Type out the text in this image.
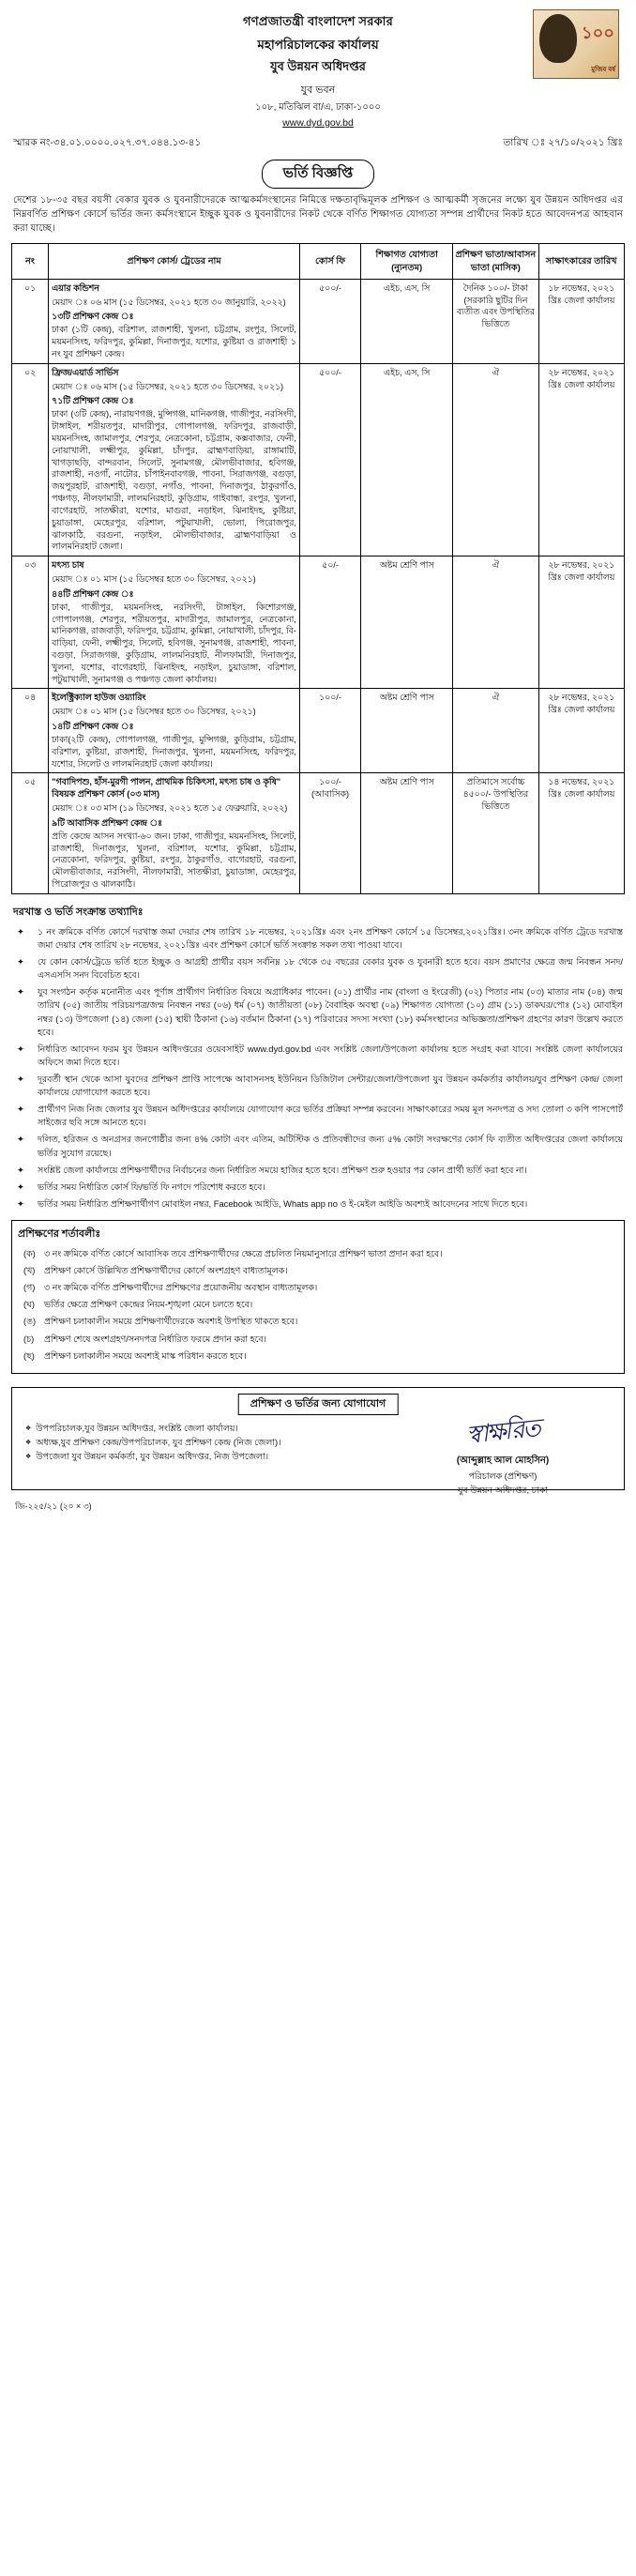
১০০
মুজিব বর্ষ
গণপ্রজাতন্ত্রী বাংলাদেশ সরকার
মহাপরিচালকের কার্যালয়
যুব উন্নয়ন অধিদপ্তর
যুব ভবন
১০৮, মতিঝিল বা/এ, ঢাকা-১০০০
www.dyd.gov.bd
স্মারক নং-৩৪.০১.০০০০.০২৭.৩৭.০৪৪.১৩-৪১	তারিখ ঃ ২৭/১০/২০২১ খ্রিঃ
ভর্তি বিজ্ঞপ্তি
দেশের ১৮-৩৫ বছর বয়সী বেকার যুবক ও যুবনারীদেরকে আত্মকর্মসংস্থানের নিমিত্তে দক্ষতাবৃদ্ধিমূলক প্রশিক্ষণ ও আত্মকর্মী সৃজনের লক্ষ্যে যুব উন্নয়ন অধিদপ্তর এর নিম্নবর্ণিত প্রশিক্ষণ কোর্সে ভর্তির জন্য কর্মসংস্থানে ইচ্ছুক যুবক ও যুবনারীদের নিকট থেকে বর্ণিত শিক্ষাগত যোগ্যতা সম্পন্ন প্রার্থীদের নিকট হতে আবেদনপত্র আহবান করা যাচ্ছে।
নং	প্রশিক্ষণ কোর্স/ ট্রেডের নাম	কোর্স ফি	শিক্ষাগত যোগ্যতা (ন্যুনতম)	প্রশিক্ষণ ভাতা/আবাসন ভাতা (মাসিক)	সাক্ষাৎকারের তারিখ
০১	এয়ার কন্ডিশন
মেয়াদ ঃ ০৬ মাস (১৫ ডিসেম্বর, ২০২১ হতে ৩০ জানুয়ারি, ২০২২)
১৩টি প্রশিক্ষণ কেন্দ্র ঃ
ঢাকা (১টি কেন্দ্র), বরিশাল, রাজশাহী, খুলনা, চট্টগ্রাম, রংপুর, সিলেট, ময়মনসিংহ, ফরিদপুর, কুমিল্লা, দিনাজপুর, যশোর, কুষ্টিয়া ও রাজশাহী ১ নং যুব প্রশিক্ষণ কেন্দ্র।	৫০০/-	এইচ, এস, সি	দৈনিক ১০০/- টাকা (সরকারি ছুটির দিন ব্যতীত এবং উপস্থিতির ভিত্তিতে	১৮ নভেম্বর, ২০২১ খ্রিঃ জেলা কার্যালয়
০২	ফ্রিজ/এয়ার্ড সার্ভিস
মেয়াদ ঃ ০৬ মাস (১৫ ডিসেম্বর, ২০২১ হতে ৩০ ডিসেম্বর, ২০২১)
৭১টি প্রশিক্ষণ কেন্দ্র ঃ
ঢাকা (৩টি কেন্দ্র), নারায়ণগঞ্জ, মুন্সিগঞ্জ, মানিকগঞ্জ, গাজীপুর, নরসিংদী, টাঙ্গাইল, শরীয়তপুর, মাদারীপুর, গোপালগঞ্জ, ফরিদপুর, রাজবাড়ী, ময়মনসিংহ, জামালপুর, শেরপুর, নেত্রকোনা, চট্টগ্রাম, কক্সবাজার, ফেনী, নোয়াখালী, লক্ষ্মীপুর, কুমিল্লা, চাঁদপুর, ব্রাহ্মণবাড়িয়া, রাঙ্গামাটি, খাগড়াছড়ি, বান্দরবান, সিলেট, সুনামগঞ্জ, মৌলভীবাজার, হবিগঞ্জ, রাজশাহী, নওগাঁ, নাটোর, চাঁপাইনবাবগঞ্জ, পাবনা, সিরাজগঞ্জ, বগুড়া, জয়পুরহাট, রাজশাহী, বগুড়া, নগাঁও, পাবনা, দিনাজপুর, ঠাকুরগাঁও, পঞ্চগড়, নীলফামারী, লালমনিরহাট, কুড়িগ্রাম, গাইবান্ধা, রংপুর, খুলনা, বাগেরহাট, সাতক্ষীরা, যশোর, মাগুরা, নড়াইল, ঝিনাইদহ, কুষ্টিয়া, চুয়াডাঙ্গা, মেহেরপুর, বরিশাল, পটুয়াখালী, ভোলা, পিরোজপুর, ঝালকাঠি, বরগুনা, নড়াইল, মৌলভীবাজার, ব্রাহ্মণবাড়িয়া ও লালমনিরহাট জেলা।	৫০০/-	এইচ, এস, সি	ঐ	২৮ নভেম্বর, ২০২১ খ্রিঃ জেলা কার্যালয়
০৩	মৎস্য চাষ
মেয়াদ ঃ ০১ মাস (১৫ ডিসেম্বর হতে ৩০ ডিসেম্বর, ২০২১)
৪৪টি প্রশিক্ষণ কেন্দ্র ঃ
ঢাকা, গাজীপুর, ময়মনসিংহ, নরসিংদী, টাঙ্গাইল, কিশোরগঞ্জ, গোপালগঞ্জ, শেরপুর, শরীয়তপুর, মাদারীপুর, জামালপুর, নেত্রকোনা, মানিকগঞ্জ, রাজবাড়ী, ফরিদপুর, চট্টগ্রাম, কুমিল্লা, নোয়াখালী, চাঁদপুর, বি-বাড়িয়া, ফেনী, লক্ষ্মীপুর, সিলেট, হবিগঞ্জ, সুনামগঞ্জ, রাজশাহী, পাবনা, বগুড়া, সিরাজগঞ্জ, কুড়িগ্রাম, লালমনিরহাট, নীলফামারী, দিনাজপুর, খুলনা, যশোর, বাগেরহাট, ঝিনাইদহ, নড়াইল, চুয়াডাঙ্গা, বরিশাল, পটুয়াখালী, সুনামগঞ্জ ও পঞ্চগড় জেলা কার্যালয়।	৫০/-	অষ্টম শ্রেণি পাস	ঐ	২৮ নভেম্বর, ২০২১ খ্রিঃ জেলা কার্যালয়
০৪	ইলেক্ট্রিক্যাল হাউজ ওয়্যারিং
মেয়াদ ঃ ০১ মাস (১৫ ডিসেম্বর হতে ৩০ ডিসেম্বর, ২০২১)
১৪টি প্রশিক্ষণ কেন্দ্র ঃ
ঢাকা(২টি কেন্দ্র), গোপালগঞ্জ, গাজীপুর, মুন্সিগঞ্জ, কুড়িগ্রাম, চট্টগ্রাম, বরিশাল, কুষ্টিয়া, রাজশাহী, দিনাজপুর, খুলনা, ময়মনসিংহ, ফরিদপুর, যশোর, সিলেট ও লালমনিরহাট জেলা কার্যালয়।	১০০/-	অষ্টম শ্রেণি পাস	ঐ	২৮ নভেম্বর, ২০২১ খ্রিঃ জেলা কার্যালয়
০৫	"গবাদিপশু, হাঁস-মুরগী পালন, প্রাথমিক চিকিৎসা, মৎস্য চাষ ও কৃষি" বিষয়ক প্রশিক্ষণ কোর্স (০৩ মাস)
মেয়াদ ঃ ০৩ মাস (১৯ ডিসেম্বর, ২০২১ হতে ১৫ ফেব্রুয়ারি, ২০২২)
৯টি আবাসিক প্রশিক্ষণ কেন্দ্র ঃ
প্রতি কেন্দ্রে আসন সংখ্যা-৬০ জন। ঢাকা, গাজীপুর, ময়মনসিংহ, সিলেট, রাজশাহী, দিনাজপুর, খুলনা, বরিশাল, যশোর, কুমিল্লা, চট্টগ্রাম, নেত্রকোনা, ফরিদপুর, কুষ্টিয়া, রংপুর, ঠাকুরগাঁও, বাগেরহাট, বরগুনা, মৌলভীবাজার, নরসিংদী, নীলফামারী, সাতক্ষীরা, চুয়াডাঙ্গা, মেহেরপুর, পিরোজপুর ও ঝালকাঠি।	১০০/- (আবাসিক)	অষ্টম শ্রেণি পাস	প্রতিমাসে সর্বোচ্চ ৪৫০০/- উপস্থিতির ভিত্তিতে	১৪ নভেম্বর, ২০২১ খ্রিঃ জেলা কার্যালয়
দরখাস্ত ও ভর্তি সংক্রান্ত তথ্যাদিঃ
✦ ১ নং ক্রমিকে বর্ণিত কোর্সে দরখাস্ত জমা দেয়ার শেষ তারিখ ১৮ নভেম্বর, ২০২১খ্রিঃ এবং ২নং প্রশিক্ষণ কোর্সে ১৫ ডিসেম্বর,২০২১খ্রিঃ। ৩নং ক্রমিকে বর্ণিত ট্রেডে দরখাস্ত জমা দেয়ার শেষ তারিখ ২৮ নভেম্বর, ২০২১খ্রিঃ এবং প্রশিক্ষণ কোর্সে ভর্তি সংক্রান্ত সকল তথ্য পাওয়া যাবে।
✦ যে কোন কোর্স/ট্রেডে ভর্তি হতে ইচ্ছুক ও আগ্রহী প্রার্থীর বয়স সর্বনিম্ন ১৮ থেকে ৩৫ বছরের বেকার যুবক ও যুবনারী হতে হবে। বয়স প্রমাণের ক্ষেত্রে জন্ম নিবন্ধন সনদ/এসএসসি সনদ বিবেচিত হবে।
✦ যুব সংগঠন কর্তৃক মনোনীত এবং পূর্ণাঙ্গ প্রার্থীগণ নির্ধারিত বিষয়ে অগ্রাধিকার পাবেন। (০১) প্রার্থীর নাম (বাংলা ও ইংরেজী) (০২) পিতার নাম (০৩) মাতার নাম (০৪) জন্ম তারিখ (০৫) জাতীয় পরিচয়পত্র/জন্ম নিবন্ধন নম্বর (০৬) ধর্ম (০৭) জাতীয়তা (০৮) বৈবাহিক অবস্থা (০৯) শিক্ষাগত যোগ্যতা (১০) গ্রাম (১১) ডাকঘর/পোঃ (১২) মোবাইল নম্বর (১৩) উপজেলা (১৪) জেলা (১৫) স্থায়ী ঠিকানা (১৬) বর্তমান ঠিকানা (১৭) পরিবারের সদস্য সংখ্যা (১৮) কর্মসংস্থানের অভিজ্ঞতা/প্রশিক্ষণ গ্রহণের কারণ উল্লেখ করতে হবে।
✦ নির্ধারিত আবেদন ফরম যুব উন্নয়ন অধিদপ্তরের ওয়েবসাইট www.dyd.gov.bd এবং সংশ্লিষ্ট জেলা/উপজেলা কার্যালয় হতে সংগ্রহ করা যাবে। সংশ্লিষ্ট জেলা কার্যালয়ের অফিসে জমা দিতে হবে।
✦ দূরবর্তী স্থান থেকে আসা যুবদের প্রশিক্ষণ প্রাপ্তি সাপেক্ষে আবাসনসহ ইউনিয়ন ডিজিটাল সেন্টার/জেলা/উপজেলা যুব উন্নয়ন কর্মকর্তার কার্যালয়/যুব প্রশিক্ষণ কেন্দ্র/ জেলা কার্যালয়ে যোগাযোগ করতে হবে।
✦ প্রার্থীগণ নিজ নিজ জেলার যুব উন্নয়ন অধিদপ্তরের কার্যালয়ে যোগাযোগ করে ভর্তির প্রক্রিয়া সম্পন্ন করবেন। সাক্ষাৎকারের সময় মূল সনদপত্র ও সদ্য তোলা ৩ কপি পাসপোর্ট সাইজের ছবি সঙ্গে আনতে হবে।
✦ দলিত, হরিজন ও অনগ্রসর জনগোষ্ঠীর জন্য ৪% কোটা এবং এতিম, অটিস্টিক ও প্রতিবন্ধীদের জন্য ৫% কোটা সংরক্ষণের কোর্স ফি ব্যতীত অধিদপ্তরের জেলা কার্যালয়ে ভর্তির সুযোগ রয়েছে।
✦ সংশ্লিষ্ট জেলা কার্যালয়ে প্রশিক্ষণার্থীদের নির্বাচনের জন্য নির্ধারিত সময়ে হাজির হতে হবে। প্রশিক্ষণ শুরু হওয়ার পর কোন প্রার্থী ভর্তি করা হবে না।
✦ ভর্তির সময় নির্ধারিত কোর্স ফি/ভর্তি ফি নগদে পরিশোধ করতে হবে।
✦ ভর্তির সময় নির্ধারিত প্রশিক্ষণার্থীগণ মোবাইল নম্বর, Facebook আইডি, Whats app no ও ই-মেইল আইডি অবশ্যই আবেদনের সাথে দিতে হবে।
প্রশিক্ষণের শর্তাবলীঃ
(ক) ৩ নং ক্রমিকে বর্ণিত কোর্সে আবাসিক তবে প্রশিক্ষণার্থীদের ক্ষেত্রে প্রচলিত নিয়মানুসারে প্রশিক্ষণ ভাতা প্রদান করা হবে।
(খ) প্রশিক্ষণ কোর্সে উল্লিখিত প্রশিক্ষণার্থীদের কোর্সে অংশগ্রহণ বাধ্যতামূলক।
(গ) ৩ নং ক্রমিকে বর্ণিত প্রশিক্ষণার্থীদের প্রশিক্ষণের প্রয়োজনীয় অবস্থান বাধ্যতামূলক।
(ঘ) ভর্তির ক্ষেত্রে প্রশিক্ষণ কেন্দ্রের নিয়ম-শৃঙ্খলা মেনে চলতে হবে।
(ঙ) প্রশিক্ষণ চলাকালীন সময়ে প্রশিক্ষণার্থীদেরকে অবশ্যই উপস্থিত থাকতে হবে।
(চ) প্রশিক্ষণ শেষে অংশগ্রহণ/সনদপত্র নির্ধারিত ফরমে প্রদান করা হবে।
(ছ) প্রশিক্ষণ চলাকালীন সময়ে অবশ্যই মাস্ক পরিধান করতে হবে।
প্রশিক্ষণ ও ভর্তির জন্য যোগাযোগ
❖ উপপরিচালক,যুব উন্নয়ন অধিদপ্তর, সংশ্লিষ্ট জেলা কার্যালয়।
❖ অধ্যক্ষ,যুব প্রশিক্ষণ কেন্দ্র/উপপরিচালক, যুব প্রশিক্ষণ কেন্দ্র (নিজ জেলা)।
❖ উপজেলা যুব উন্নয়ন কর্মকর্তা, যুব উন্নয়ন অধিদপ্তর, নিজ উপজেলা।
স্বাক্ষরিত
(আব্দুল্লাহ আল মোহসিন)
পরিচালক (প্রশিক্ষণ)
যুব উন্নয়ন অধিদপ্তর, ঢাকা
জি-২২৫/২১ (২০ × ৩)
